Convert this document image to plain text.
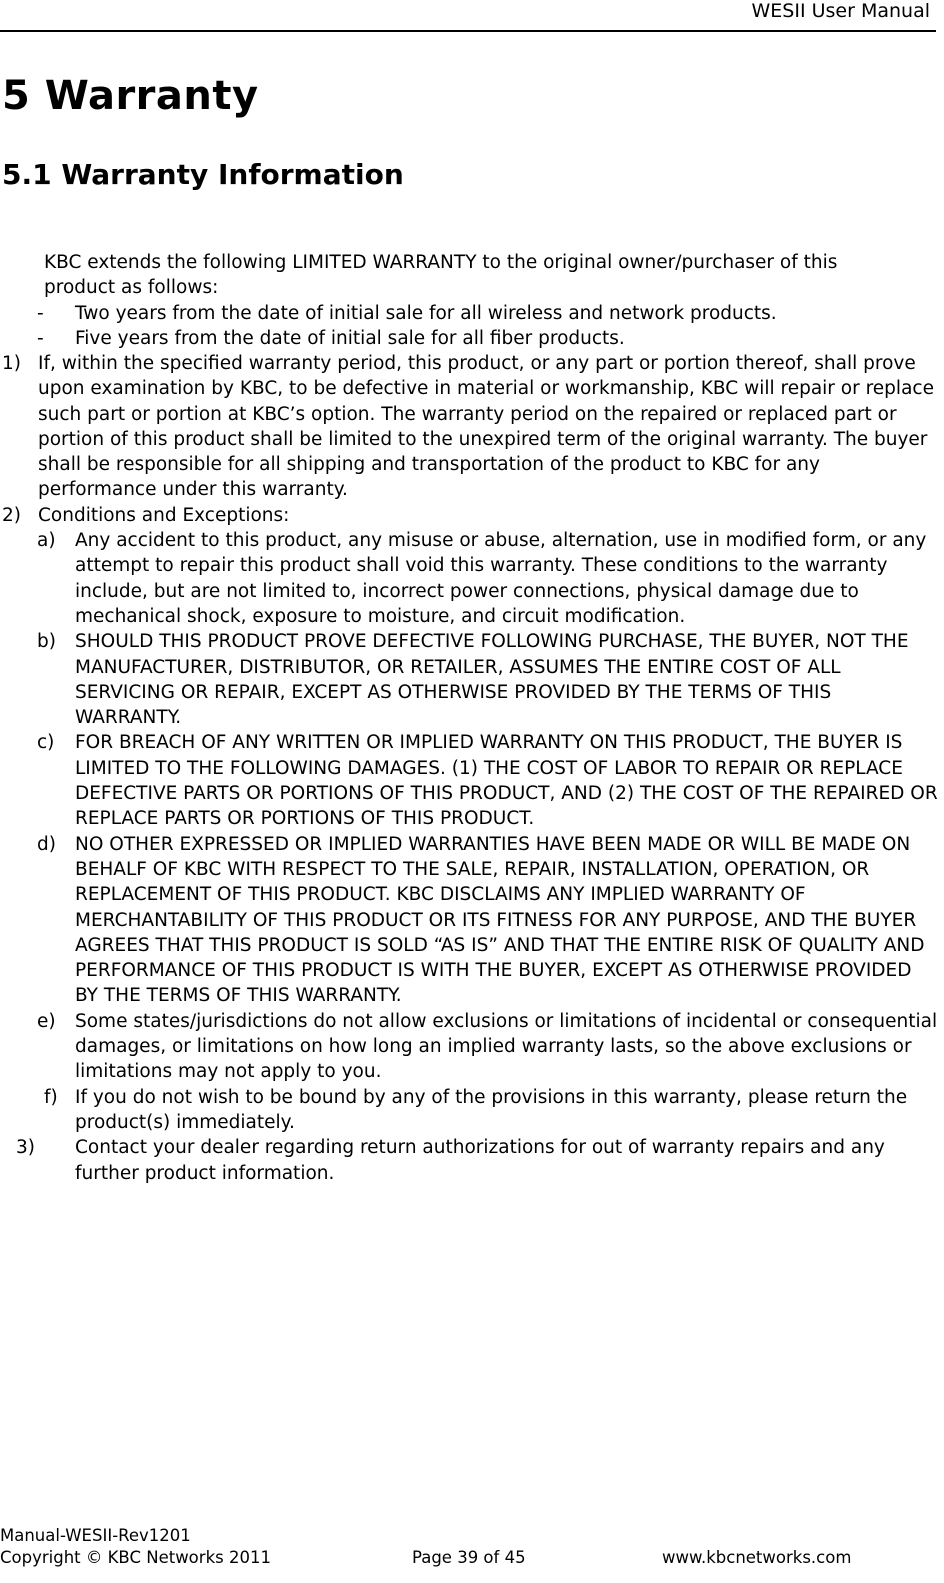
WESII User Manual
5 Warranty
5.1 Warranty Information
KBC extends the following LIMITED WARRANTY to the original owner/purchaser of this product as follows:
- Two years from the date of initial sale for all wireless and network products.
- Five years from the date of initial sale for all fiber products.
1) If, within the specified warranty period, this product, or any part or portion thereof, shall prove upon examination by KBC, to be defective in material or workmanship, KBC will repair or replace such part or portion at KBC’s option. The warranty period on the repaired or replaced part or portion of this product shall be limited to the unexpired term of the original warranty. The buyer shall be responsible for all shipping and transportation of the product to KBC for any performance under this warranty.
2) Conditions and Exceptions:
a) Any accident to this product, any misuse or abuse, alternation, use in modified form, or any attempt to repair this product shall void this warranty. These conditions to the warranty include, but are not limited to, incorrect power connections, physical damage due to mechanical shock, exposure to moisture, and circuit modification.
b) SHOULD THIS PRODUCT PROVE DEFECTIVE FOLLOWING PURCHASE, THE BUYER, NOT THE MANUFACTURER, DISTRIBUTOR, OR RETAILER, ASSUMES THE ENTIRE COST OF ALL SERVICING OR REPAIR, EXCEPT AS OTHERWISE PROVIDED BY THE TERMS OF THIS WARRANTY.
c) FOR BREACH OF ANY WRITTEN OR IMPLIED WARRANTY ON THIS PRODUCT, THE BUYER IS LIMITED TO THE FOLLOWING DAMAGES. (1) THE COST OF LABOR TO REPAIR OR REPLACE DEFECTIVE PARTS OR PORTIONS OF THIS PRODUCT, AND (2) THE COST OF THE REPAIRED OR REPLACE PARTS OR PORTIONS OF THIS PRODUCT.
d) NO OTHER EXPRESSED OR IMPLIED WARRANTIES HAVE BEEN MADE OR WILL BE MADE ON BEHALF OF KBC WITH RESPECT TO THE SALE, REPAIR, INSTALLATION, OPERATION, OR REPLACEMENT OF THIS PRODUCT. KBC DISCLAIMS ANY IMPLIED WARRANTY OF MERCHANTABILITY OF THIS PRODUCT OR ITS FITNESS FOR ANY PURPOSE, AND THE BUYER AGREES THAT THIS PRODUCT IS SOLD “AS IS” AND THAT THE ENTIRE RISK OF QUALITY AND PERFORMANCE OF THIS PRODUCT IS WITH THE BUYER, EXCEPT AS OTHERWISE PROVIDED BY THE TERMS OF THIS WARRANTY.
e) Some states/jurisdictions do not allow exclusions or limitations of incidental or consequential damages, or limitations on how long an implied warranty lasts, so the above exclusions or limitations may not apply to you.
f) If you do not wish to be bound by any of the provisions in this warranty, please return the product(s) immediately.
3) Contact your dealer regarding return authorizations for out of warranty repairs and any further product information.
Manual-WESII-Rev1201
Copyright © KBC Networks 2011	Page 39 of 45	www.kbcnetworks.com
